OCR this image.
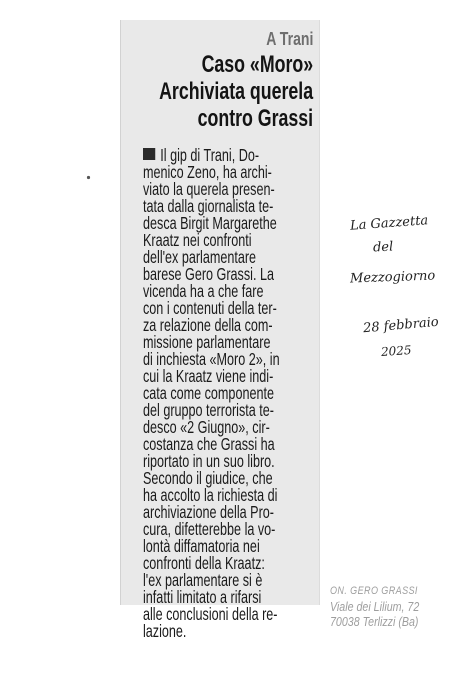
A Trani

Caso «Moro»
Archiviata querela
contro Grassi
Il gip di Trani, Do-
menico Zeno, ha archi-
viato la querela presen-
tata dalla giornalista te-
desca Birgit Margarethe
Kraatz nei confronti
dell'ex parlamentare
barese Gero Grassi. La
vicenda ha a che fare
con i contenuti della ter-
za relazione della com-
missione parlamentare
di inchiesta «Moro 2», in
cui la Kraatz viene indi-
cata come componente
del gruppo terrorista te-
desco «2 Giugno», cir-
costanza che Grassi ha
riportato in un suo libro.
Secondo il giudice, che
ha accolto la richiesta di
archiviazione della Pro-
cura, difetterebbe la vo-
lontà diffamatoria nei
confronti della Kraatz:
l'ex parlamentare si è
infatti limitato a rifarsi
alle conclusioni della re-
lazione.

La Gazzetta

del

Mezzogiorno

28 febbraio

2025

ON. GERO GRASSI
Viale dei Lilium, 72
70038 Terlizzi (Ba)
